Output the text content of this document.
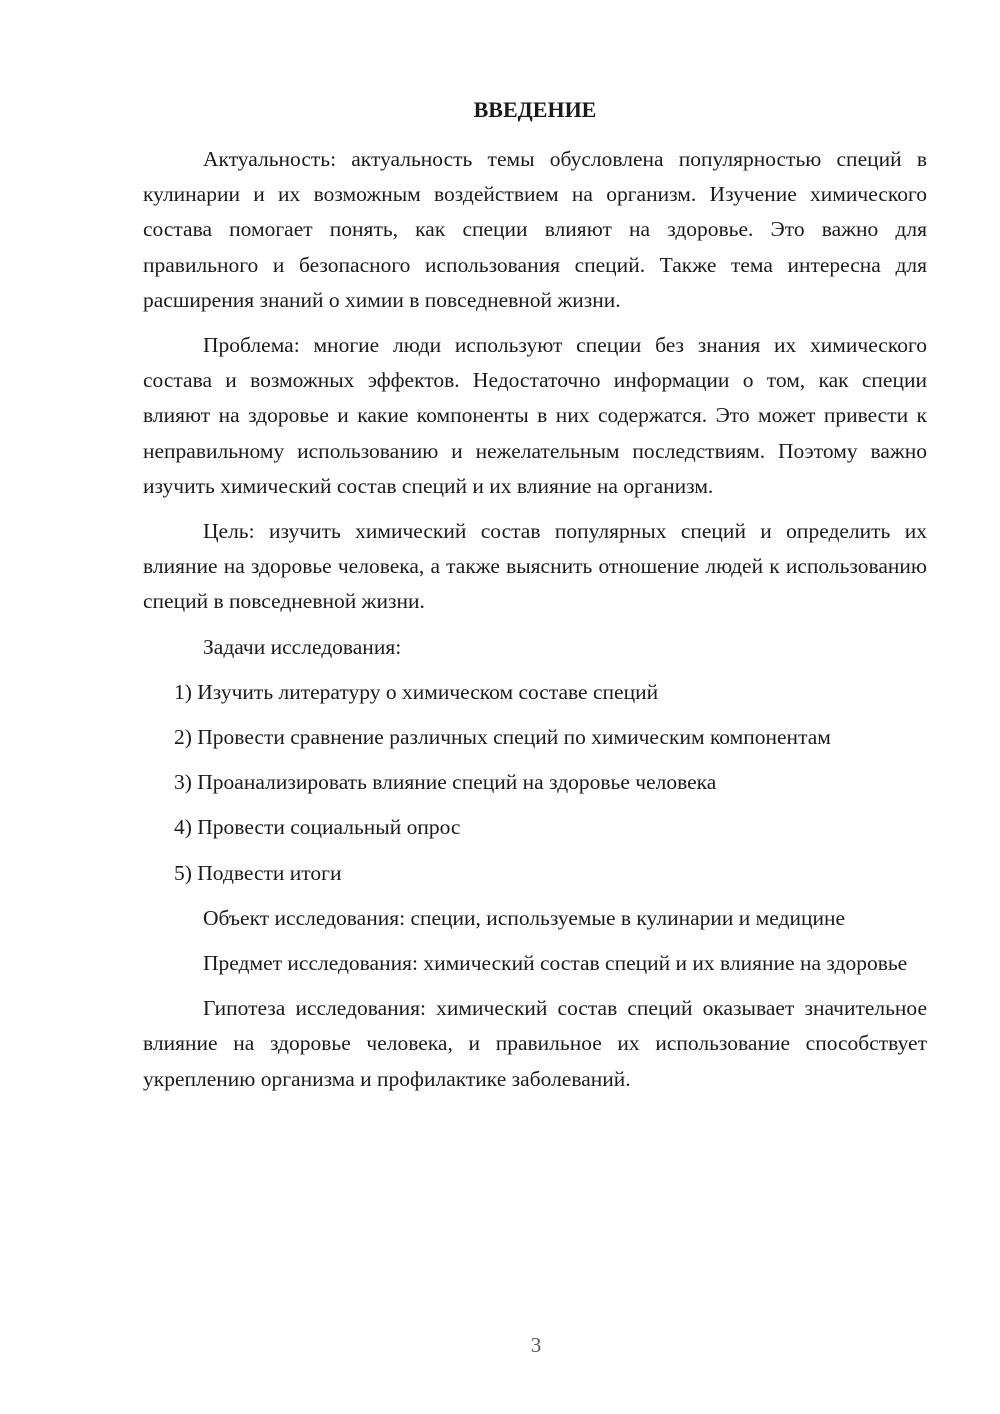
ВВЕДЕНИЕ

Актуальность: актуальность темы обусловлена популярностью специй в кулинарии и их возможным воздействием на организм. Изучение химического состава помогает понять, как специи влияют на здоровье. Это важно для правильного и безопасного использования специй. Также тема интересна для расширения знаний о химии в повседневной жизни.

Проблема: многие люди используют специи без знания их химического состава и возможных эффектов. Недостаточно информации о том, как специи влияют на здоровье и какие компоненты в них содержатся. Это может привести к неправильному использованию и нежелательным последствиям. Поэтому важно изучить химический состав специй и их влияние на организм.

Цель: изучить химический состав популярных специй и определить их влияние на здоровье человека, а также выяснить отношение людей к использованию специй в повседневной жизни.

Задачи исследования:

1) Изучить литературу о химическом составе специй

2) Провести сравнение различных специй по химическим компонентам

3) Проанализировать влияние специй на здоровье человека

4) Провести социальный опрос

5) Подвести итоги

Объект исследования: специи, используемые в кулинарии и медицине

Предмет исследования: химический состав специй и их влияние на здоровье

Гипотеза исследования: химический состав специй оказывает значительное влияние на здоровье человека, и правильное их использование способствует укреплению организма и профилактике заболеваний.

3
